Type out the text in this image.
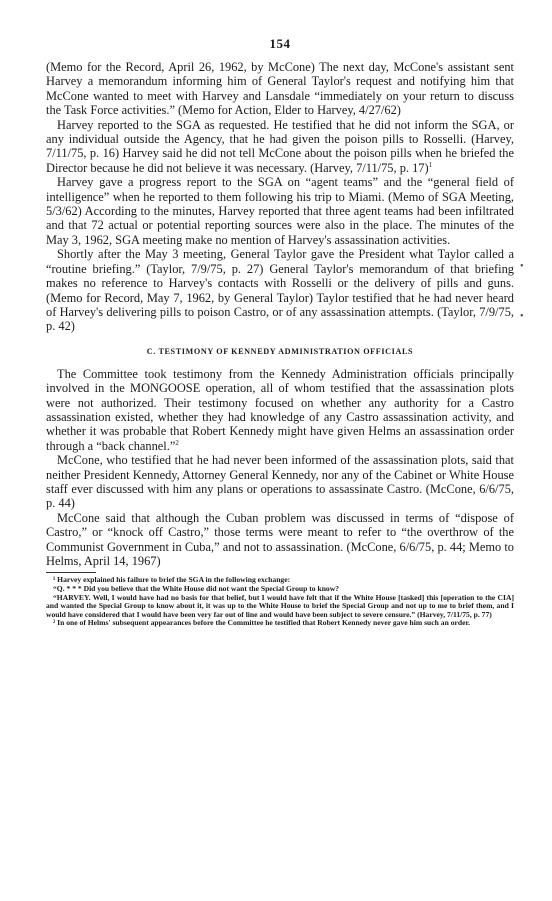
154

(Memo for the Record, April 26, 1962, by McCone) The next day, McCone's assistant sent Harvey a memorandum informing him of General Taylor's request and notifying him that McCone wanted to meet with Harvey and Lansdale “immediately on your return to discuss the Task Force activities.” (Memo for Action, Elder to Harvey, 4/27/62)

Harvey reported to the SGA as requested. He testified that he did not inform the SGA, or any individual outside the Agency, that he had given the poison pills to Rosselli. (Harvey, 7/11/75, p. 16) Harvey said he did not tell McCone about the poison pills when he briefed the Director because he did not believe it was necessary. (Harvey, 7/11/75, p. 17)$^1$

Harvey gave a progress report to the SGA on “agent teams” and the “general field of intelligence” when he reported to them following his trip to Miami. (Memo of SGA Meeting, 5/3/62) According to the minutes, Harvey reported that three agent teams had been infiltrated and that 72 actual or potential reporting sources were also in the place. The minutes of the May 3, 1962, SGA meeting make no mention of Harvey's assassination activities.

Shortly after the May 3 meeting, General Taylor gave the President what Taylor called a “routine briefing.” (Taylor, 7/9/75, p. 27) General Taylor's memorandum of that briefing makes no reference to Harvey's contacts with Rosselli or the delivery of pills and guns. (Memo for Record, May 7, 1962, by General Taylor) Taylor testified that he had never heard of Harvey's delivering pills to poison Castro, or of any assassination attempts. (Taylor, 7/9/75, p. 42)

C. TESTIMONY OF KENNEDY ADMINISTRATION OFFICIALS

The Committee took testimony from the Kennedy Administration officials principally involved in the MONGOOSE operation, all of whom testified that the assassination plots were not authorized. Their testimony focused on whether any authority for a Castro assassination existed, whether they had knowledge of any Castro assassination activity, and whether it was probable that Robert Kennedy might have given Helms an assassination order through a “back channel.”$^2$

McCone, who testified that he had never been informed of the assassination plots, said that neither President Kennedy, Attorney General Kennedy, nor any of the Cabinet or White House staff ever discussed with him any plans or operations to assassinate Castro. (McCone, 6/6/75, p. 44)

McCone said that although the Cuban problem was discussed in terms of “dispose of Castro,” or “knock off Castro,” those terms were meant to refer to “the overthrow of the Communist Government in Cuba,” and not to assassination. (McCone, 6/6/75, p. 44; Memo to Helms, April 14, 1967)

¹ Harvey explained his failure to brief the SGA in the following exchange:

“Q. * * * Did you believe that the White House did not want the Special Group to know?

“HARVEY. Well, I would have had no basis for that belief, but I would have felt that if the White House [tasked] this [operation to the CIA] and wanted the Special Group to know about it, it was up to the White House to brief the Special Group and not up to me to brief them, and I would have considered that I would have been very far out of line and would have been subject to severe censure.” (Harvey, 7/11/75, p. 77)

² In one of Helms' subsequent appearances before the Committee he testified that Robert Kennedy never gave him such an order.

•
•
